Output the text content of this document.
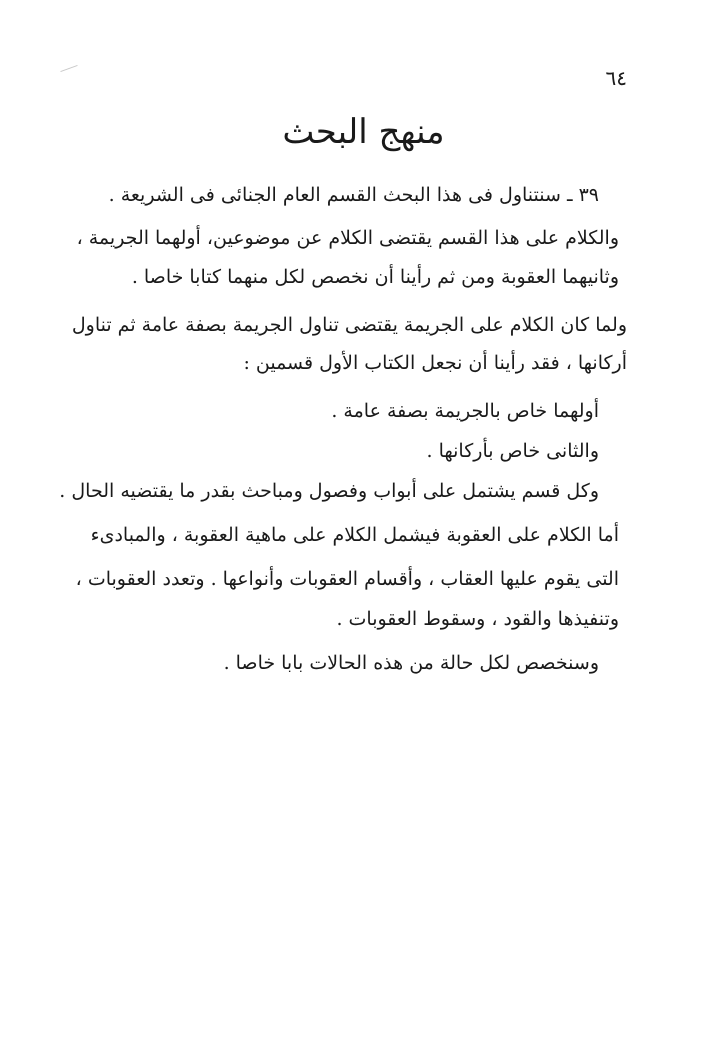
٦٤
منهج البحث
٣٩ ـ سنتناول فى هذا البحث القسم العام الجنائى فى الشريعة .
والكلام على هذا القسم يقتضى الكلام عن موضوعين، أولهما الجريمة ،
وثانيهما العقوبة ومن ثم رأينا أن نخصص لكل منهما كتابا خاصا .
ولما كان الكلام على الجريمة يقتضى تناول الجريمة بصفة عامة ثم تناول
أركانها ، فقد رأينا أن نجعل الكتاب الأول قسمين :
أولهما خاص بالجريمة بصفة عامة .
والثانى خاص بأركانها .
وكل قسم يشتمل على أبواب وفصول ومباحث بقدر ما يقتضيه الحال .
أما الكلام على العقوبة فيشمل الكلام على ماهية العقوبة ، والمبادىء
التى يقوم عليها العقاب ، وأقسام العقوبات وأنواعها . وتعدد العقوبات ،
وتنفيذها والقود ، وسقوط العقوبات .
وسنخصص لكل حالة من هذه الحالات بابا خاصا .
